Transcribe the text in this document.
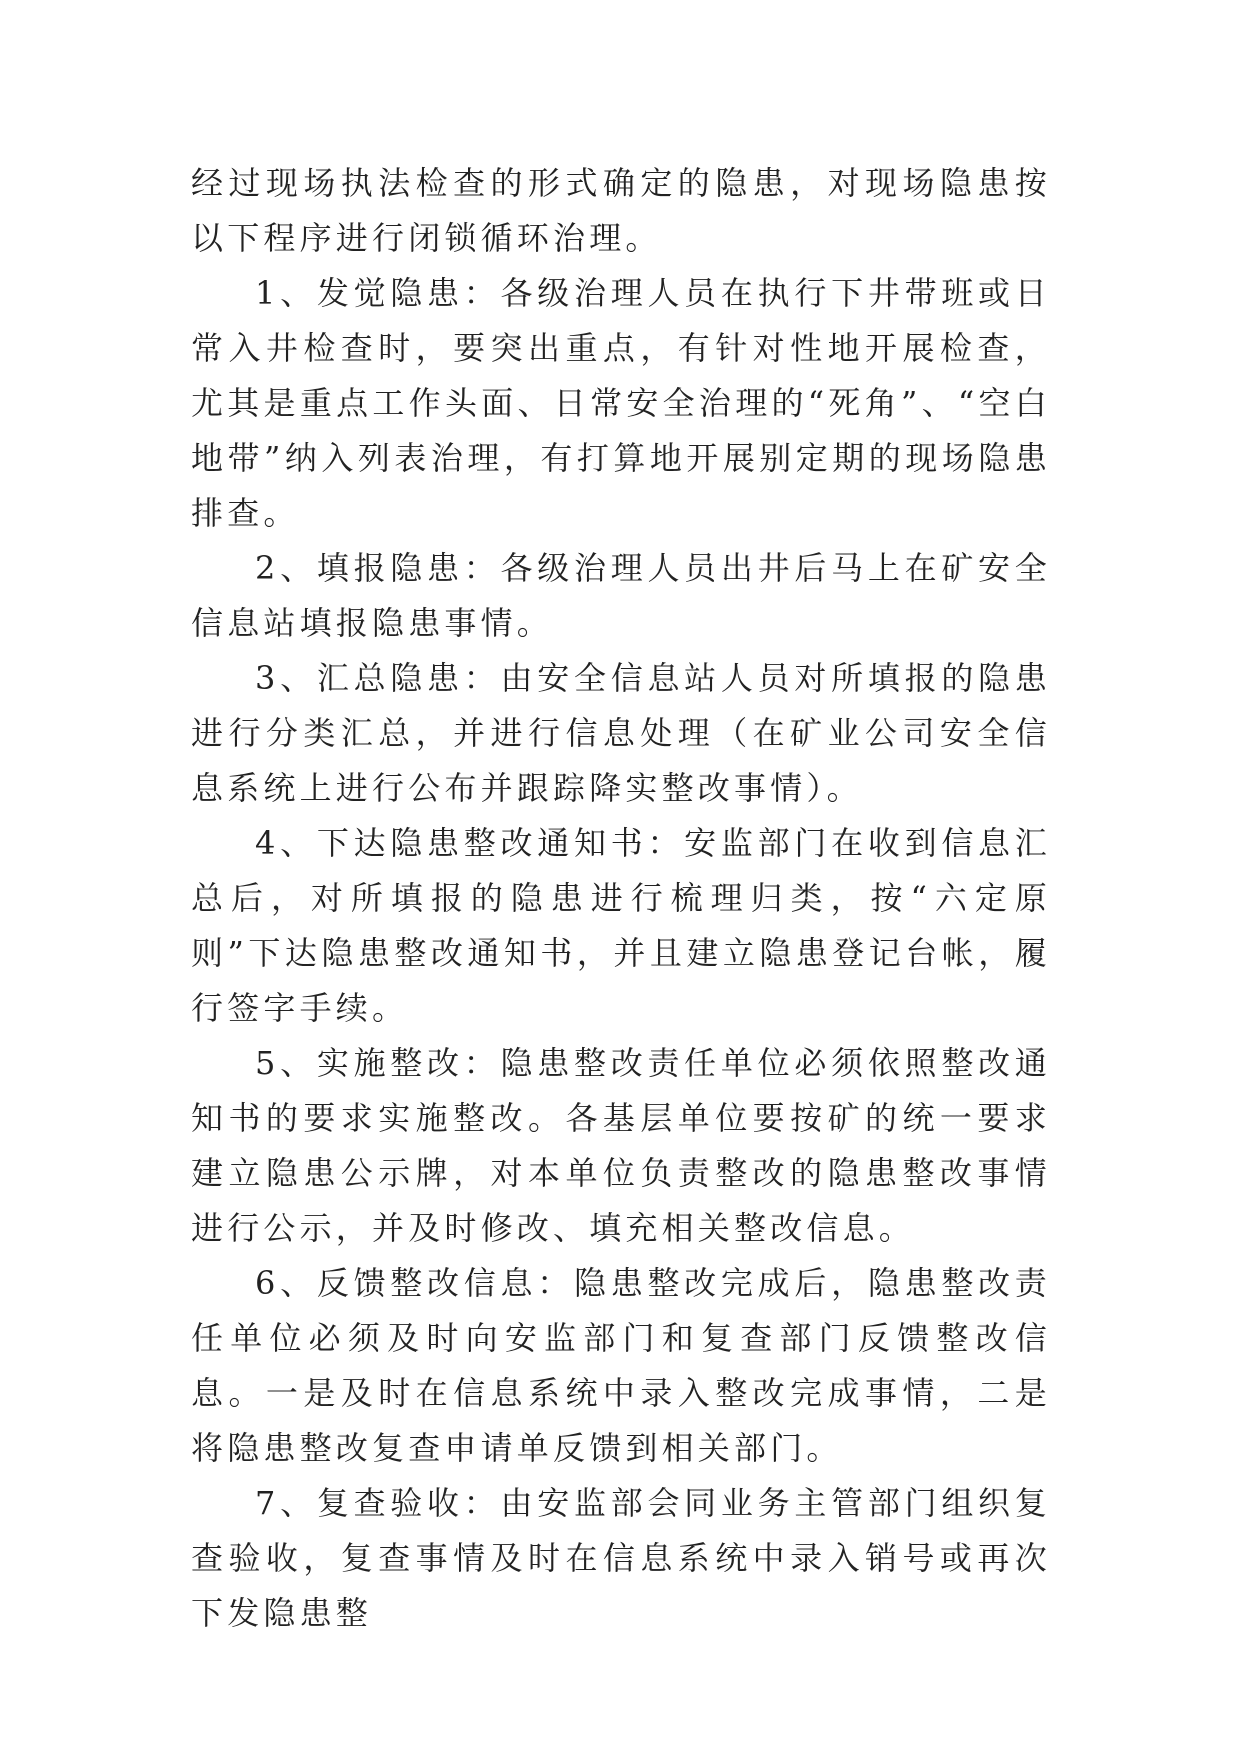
经过现场执法检查的形式确定的隐患，对现场隐患按以下程序进行闭锁循环治理。

1、发觉隐患：各级治理人员在执行下井带班或日常入井检查时，要突出重点，有针对性地开展检查，尤其是重点工作头面、日常安全治理的“死角”、“空白地带”纳入列表治理，有打算地开展别定期的现场隐患排查。

2、填报隐患：各级治理人员出井后马上在矿安全信息站填报隐患事情。

3、汇总隐患：由安全信息站人员对所填报的隐患进行分类汇总，并进行信息处理（在矿业公司安全信息系统上进行公布并跟踪降实整改事情）。

4、下达隐患整改通知书：安监部门在收到信息汇总后，对所填报的隐患进行梳理归类，按“六定原则”下达隐患整改通知书，并且建立隐患登记台帐，履行签字手续。

5、实施整改：隐患整改责任单位必须依照整改通知书的要求实施整改。各基层单位要按矿的统一要求建立隐患公示牌，对本单位负责整改的隐患整改事情进行公示，并及时修改、填充相关整改信息。

6、反馈整改信息：隐患整改完成后，隐患整改责任单位必须及时向安监部门和复查部门反馈整改信息。一是及时在信息系统中录入整改完成事情，二是将隐患整改复查申请单反馈到相关部门。

7、复查验收：由安监部会同业务主管部门组织复查验收，复查事情及时在信息系统中录入销号或再次下发隐患整
